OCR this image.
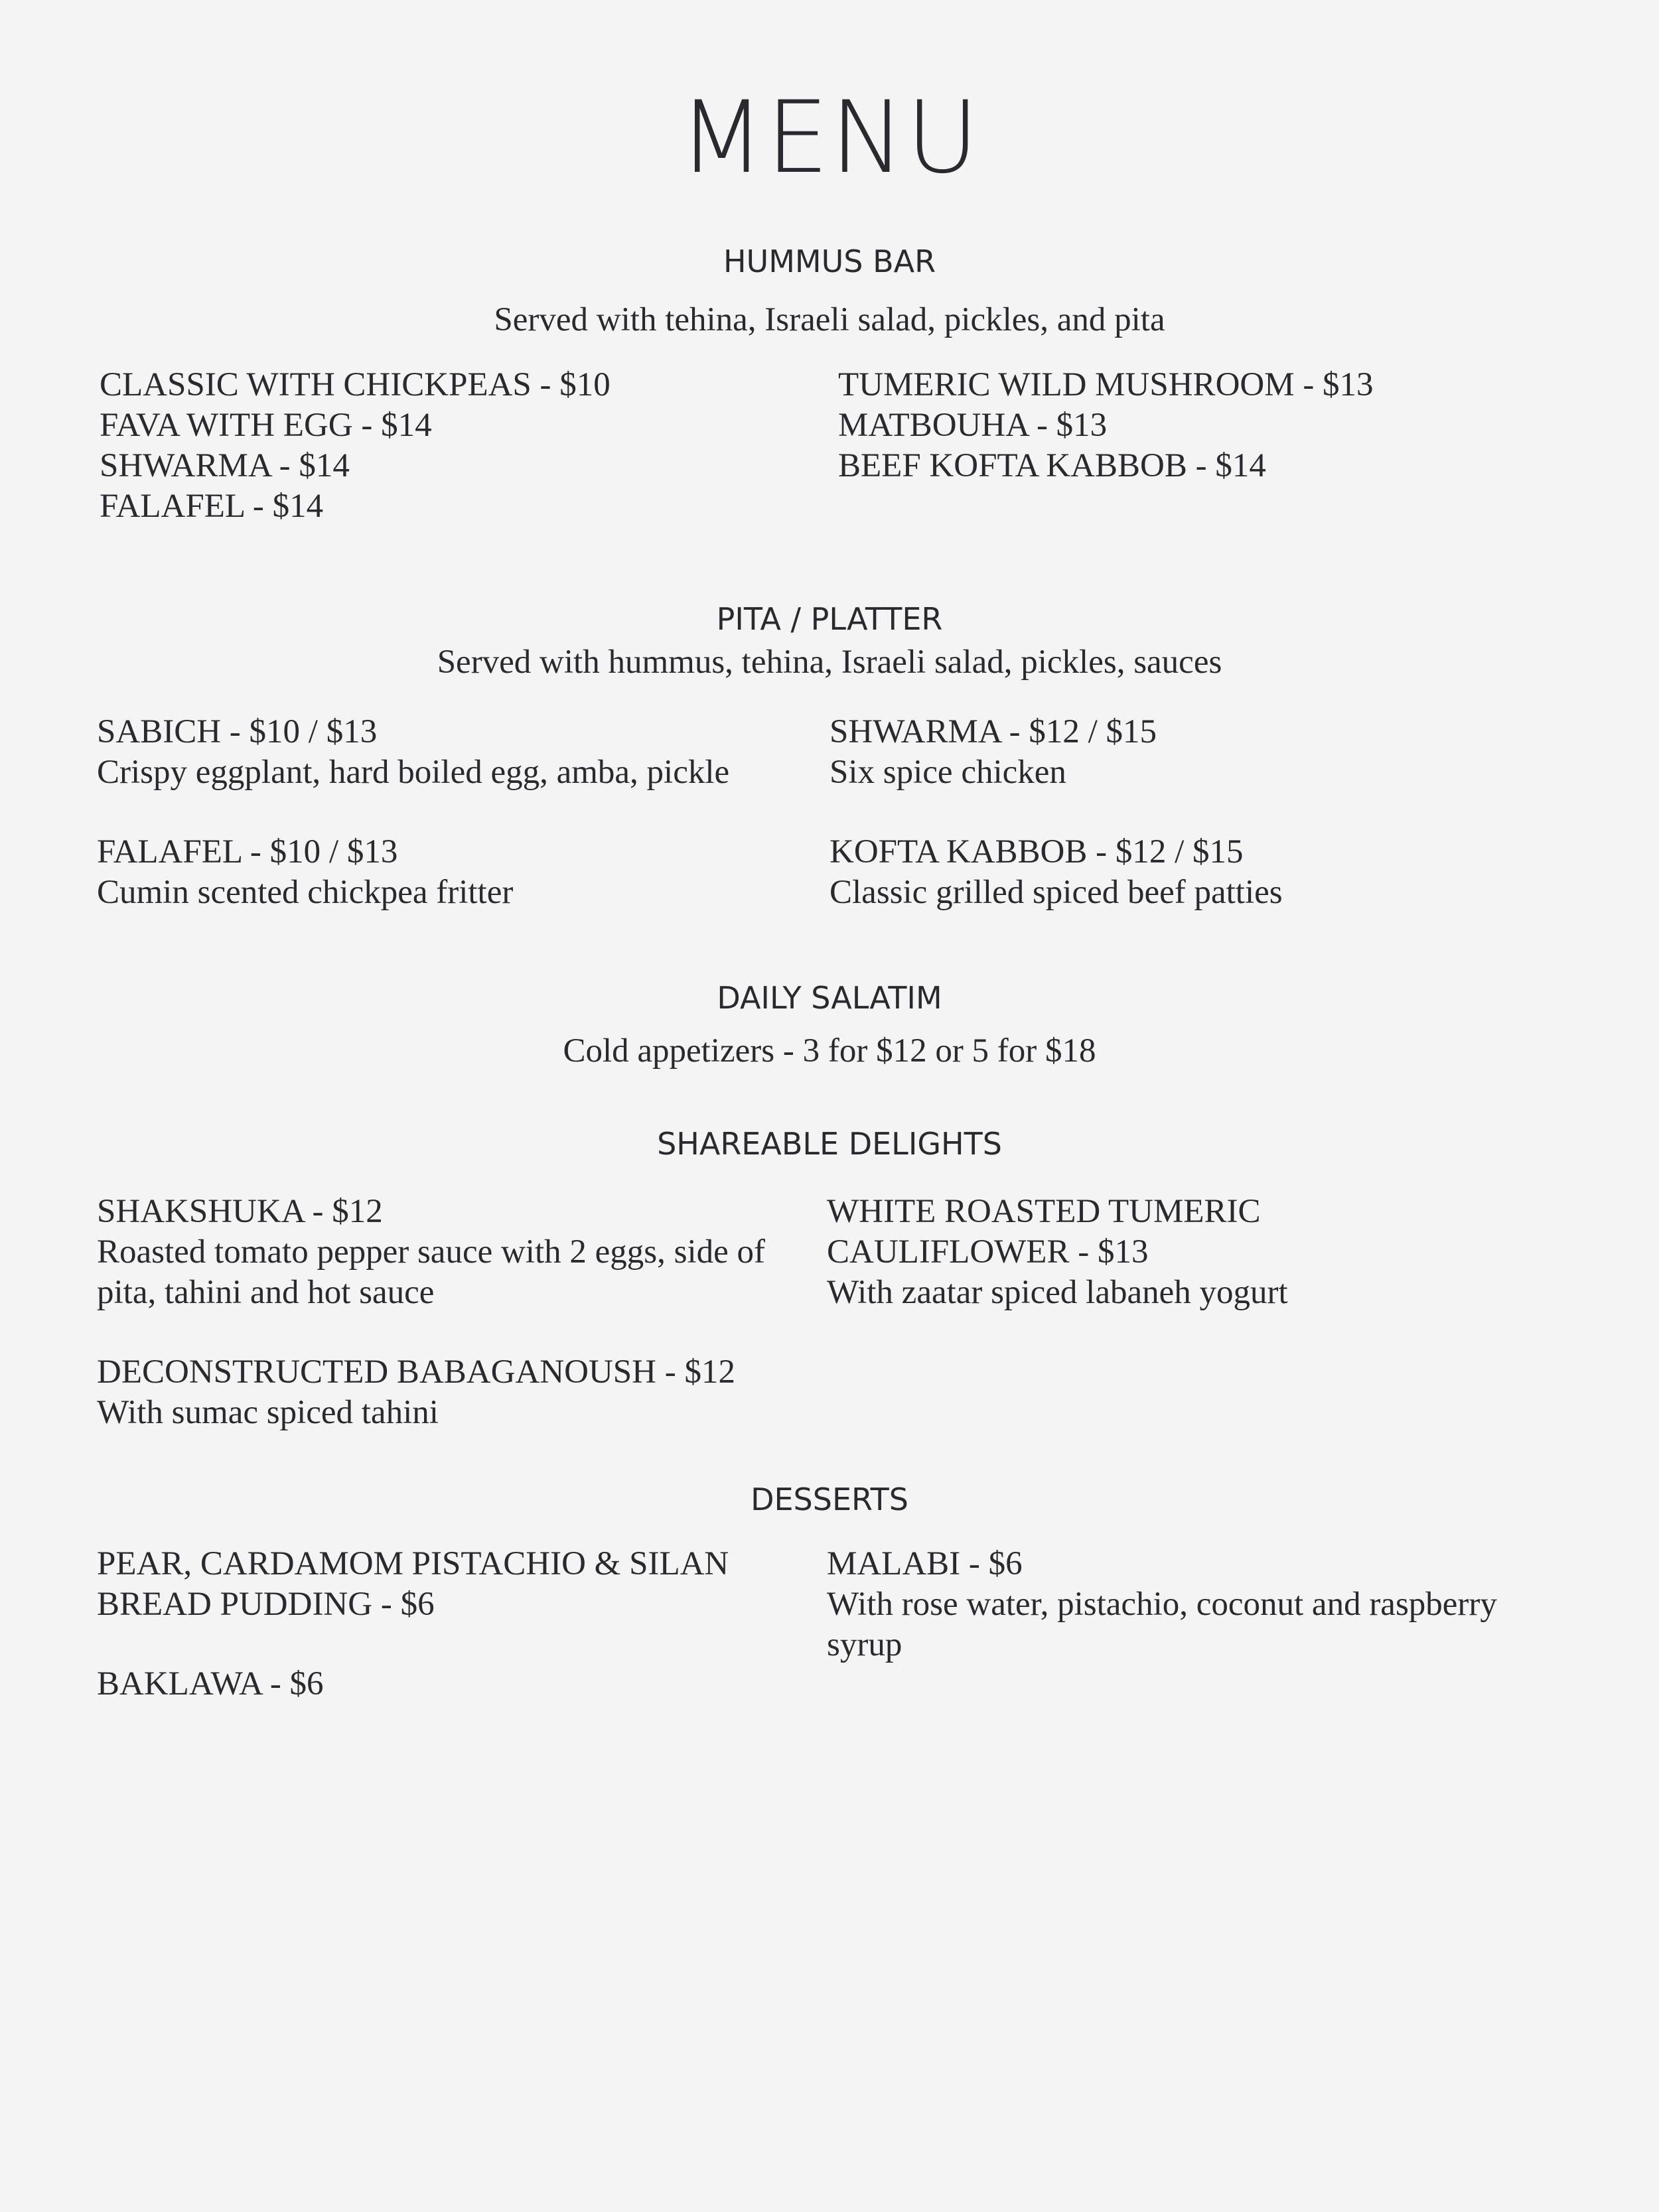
MENU
HUMMUS BAR
Served with tehina, Israeli salad, pickles, and pita
CLASSIC WITH CHICKPEAS - $10
FAVA WITH EGG - $14
SHWARMA - $14
FALAFEL - $14
TUMERIC WILD MUSHROOM - $13
MATBOUHA - $13
BEEF KOFTA KABBOB - $14
PITA / PLATTER
Served with hummus, tehina, Israeli salad, pickles, sauces
SABICH - $10 / $13
Crispy eggplant, hard boiled egg, amba, pickle
FALAFEL - $10 / $13
Cumin scented chickpea fritter
SHWARMA - $12 / $15
Six spice chicken
KOFTA KABBOB - $12 / $15
Classic grilled spiced beef patties
DAILY SALATIM
Cold appetizers - 3 for $12 or 5 for $18
SHAREABLE DELIGHTS
SHAKSHUKA - $12
Roasted tomato pepper sauce with 2 eggs, side of
pita, tahini and hot sauce
DECONSTRUCTED BABAGANOUSH - $12
With sumac spiced tahini
WHITE ROASTED TUMERIC
CAULIFLOWER - $13
With zaatar spiced labaneh yogurt
DESSERTS
PEAR, CARDAMOM PISTACHIO & SILAN
BREAD PUDDING - $6
BAKLAWA - $6
MALABI - $6
With rose water, pistachio, coconut and raspberry
syrup
